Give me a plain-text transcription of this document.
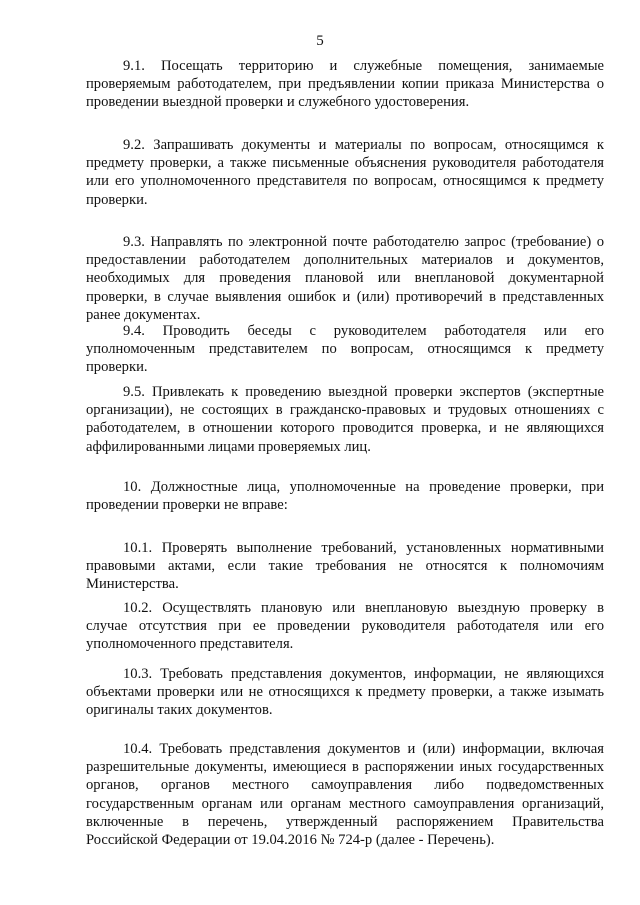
5

9.1. Посещать территорию и служебные помещения, занимаемые проверяемым работодателем, при предъявлении копии приказа Министерства о проведении выездной проверки и служебного удостоверения.

9.2. Запрашивать документы и материалы по вопросам, относящимся к предмету проверки, а также письменные объяснения руководителя работодателя или его уполномоченного представителя по вопросам, относящимся к предмету проверки.

9.3. Направлять по электронной почте работодателю запрос (требование) о предоставлении работодателем дополнительных материалов и документов, необходимых для проведения плановой или внеплановой документарной проверки, в случае выявления ошибок и (или) противоречий в представленных ранее документах.

9.4. Проводить беседы с руководителем работодателя или его уполномоченным представителем по вопросам, относящимся к предмету проверки.

9.5. Привлекать к проведению выездной проверки экспертов (экспертные организации), не состоящих в гражданско-правовых и трудовых отношениях с работодателем, в отношении которого проводится проверка, и не являющихся аффилированными лицами проверяемых лиц.

10. Должностные лица, уполномоченные на проведение проверки, при проведении проверки не вправе:

10.1. Проверять выполнение требований, установленных нормативными правовыми актами, если такие требования не относятся к полномочиям Министерства.

10.2. Осуществлять плановую или внеплановую выездную проверку в случае отсутствия при ее проведении руководителя работодателя или его уполномоченного представителя.

10.3. Требовать представления документов, информации, не являющихся объектами проверки или не относящихся к предмету проверки, а также изымать оригиналы таких документов.

10.4. Требовать представления документов и (или) информации, включая разрешительные документы, имеющиеся в распоряжении иных государственных органов, органов местного самоуправления либо подведомственных государственным органам или органам местного самоуправления организаций, включенные в перечень, утвержденный распоряжением Правительства Российской Федерации от 19.04.2016 № 724-р (далее - Перечень).
